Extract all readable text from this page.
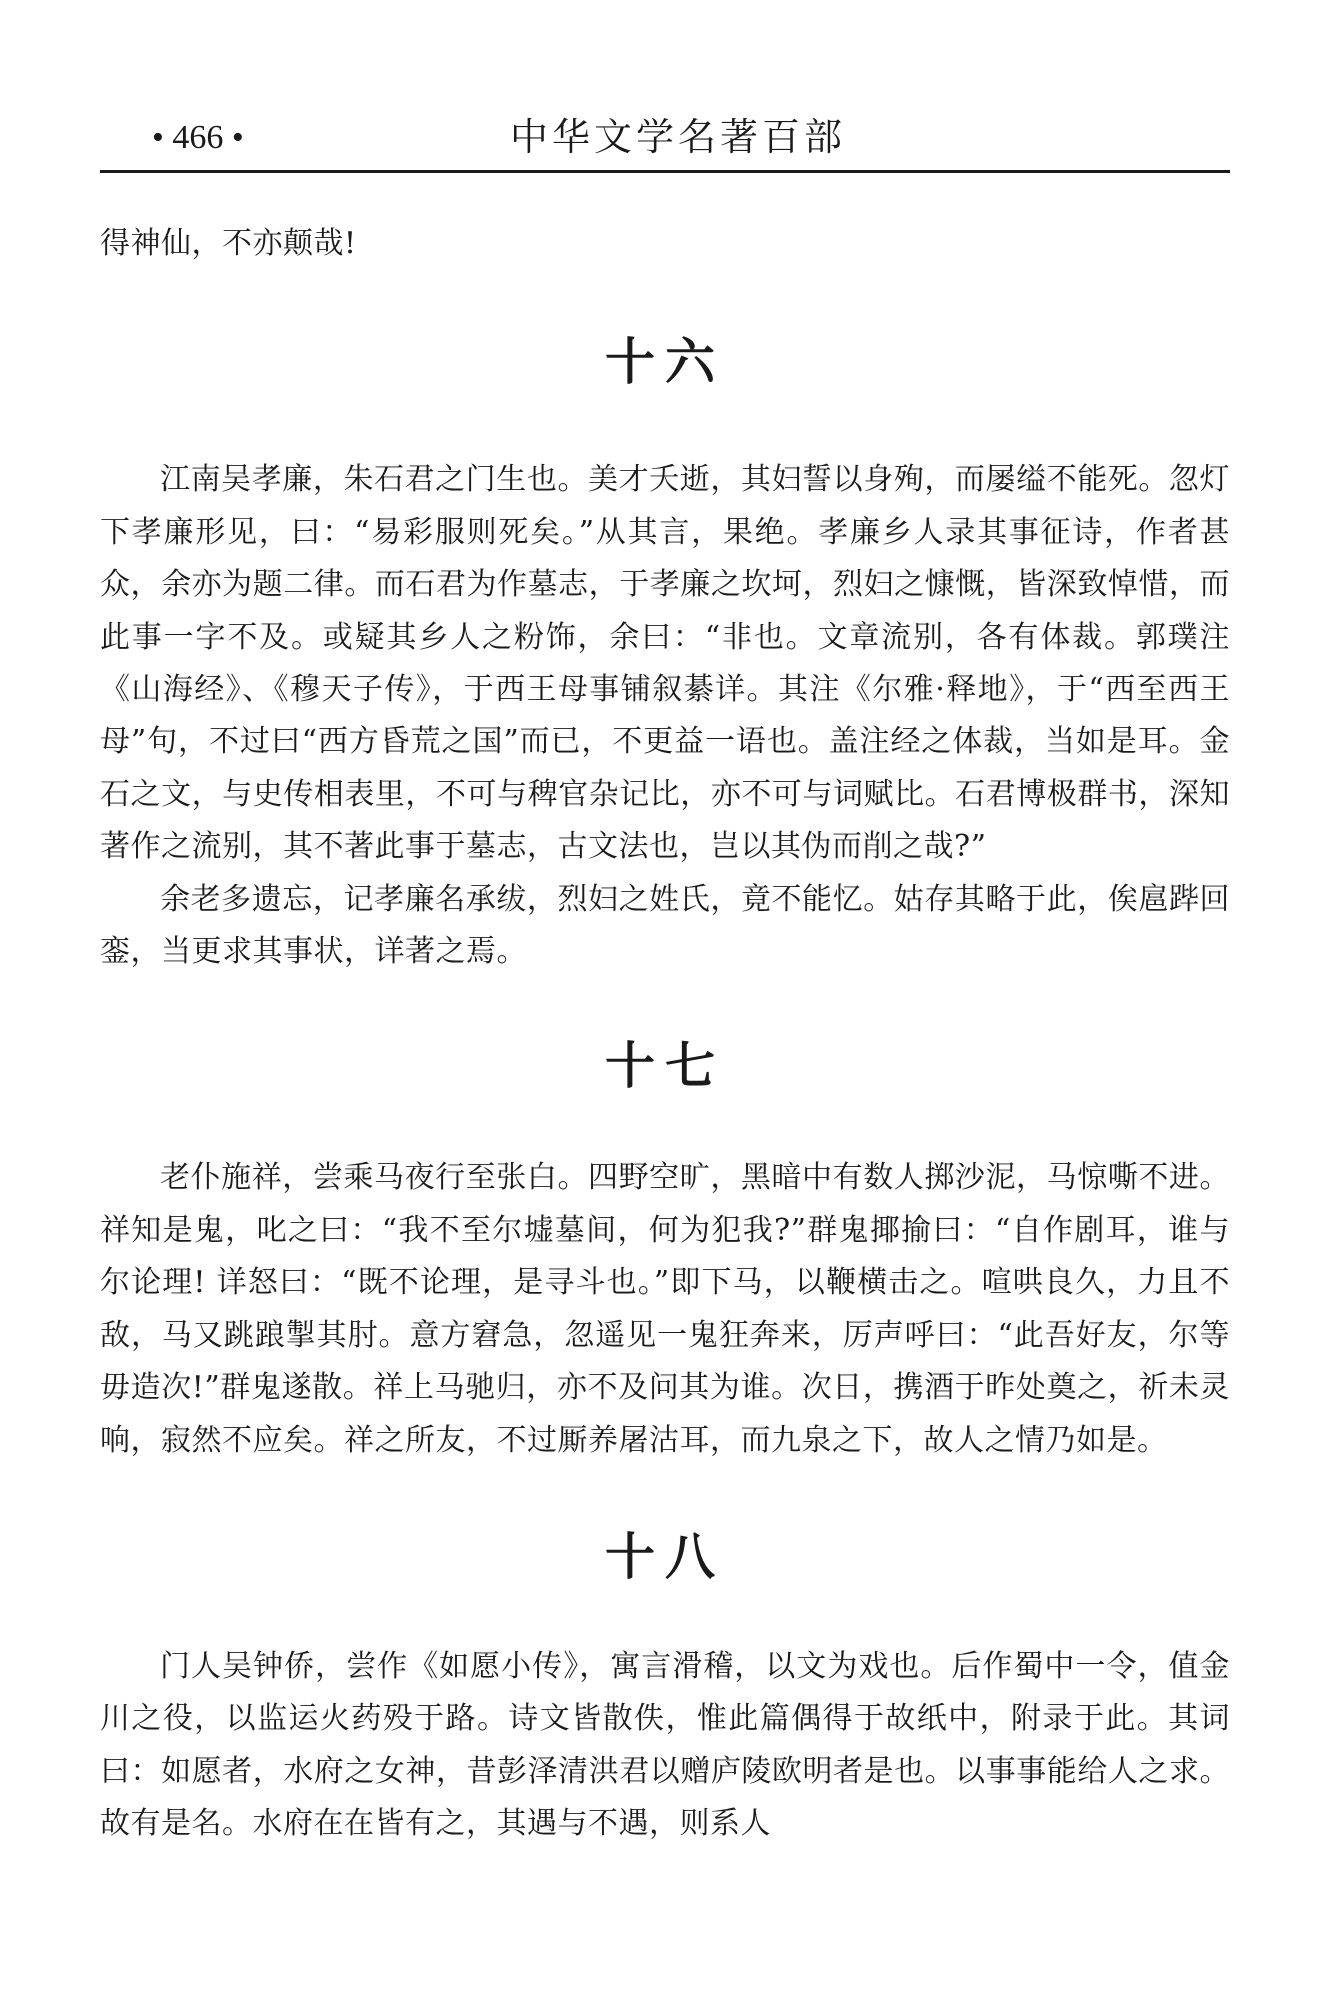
• 466 •	中华文学名著百部

得神仙，不亦颠哉!

十六

江南吴孝廉，朱石君之门生也。美才夭逝，其妇誓以身殉，而屡缢不能死。忽灯下孝廉形见，曰：“易彩服则死矣。”从其言，果绝。孝廉乡人录其事征诗，作者甚众，余亦为题二律。而石君为作墓志，于孝廉之坎坷，烈妇之慷慨，皆深致悼惜，而此事一字不及。或疑其乡人之粉饰，余曰：“非也。文章流别，各有体裁。郭璞注《山海经》、《穆天子传》，于西王母事铺叙綦详。其注《尔雅·释地》，于“西至西王母”句，不过曰“西方昏荒之国”而已，不更益一语也。盖注经之体裁，当如是耳。金石之文，与史传相表里，不可与稗官杂记比，亦不可与词赋比。石君博极群书，深知著作之流别，其不著此事于墓志，古文法也，岂以其伪而削之哉?”

余老多遗忘，记孝廉名承绂，烈妇之姓氏，竟不能忆。姑存其略于此，俟扈跸回銮，当更求其事状，详著之焉。

十七

老仆施祥，尝乘马夜行至张白。四野空旷，黑暗中有数人掷沙泥，马惊嘶不进。祥知是鬼，叱之曰：“我不至尔墟墓间，何为犯我?”群鬼揶揄曰：“自作剧耳，谁与尔论理! 详怒曰：“既不论理，是寻斗也。”即下马，以鞭横击之。喧哄良久，力且不敌，马又跳踉掣其肘。意方窘急，忽遥见一鬼狂奔来，厉声呼曰：“此吾好友，尔等毋造次!”群鬼遂散。祥上马驰归，亦不及问其为谁。次日，携酒于昨处奠之，祈未灵响，寂然不应矣。祥之所友，不过厮养屠沽耳，而九泉之下，故人之情乃如是。

十八

门人吴钟侨，尝作《如愿小传》，寓言滑稽，以文为戏也。后作蜀中一令，值金川之役，以监运火药殁于路。诗文皆散佚，惟此篇偶得于故纸中，附录于此。其词曰：如愿者，水府之女神，昔彭泽清洪君以赠庐陵欧明者是也。以事事能给人之求。故有是名。水府在在皆有之，其遇与不遇，则系人
